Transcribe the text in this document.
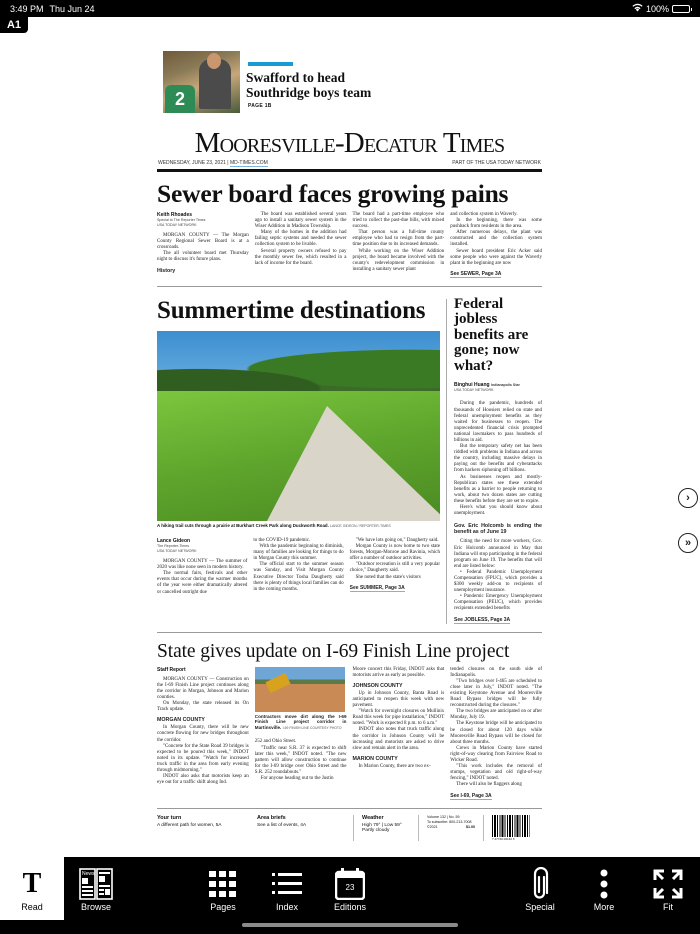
3:49 PM Thu Jun 24	100%
A1
2
Swafford to head Southridge boys team
PAGE 1B
Mooresville-Decatur Times
WEDNESDAY, JUNE 23, 2021 | MD-TIMES.COM	PART OF THE USA TODAY NETWORK
Sewer board faces growing pains
Keith Rhoades
Special to The Reporter Times
USA TODAY NETWORK

MORGAN COUNTY — The Morgan County Regional Sewer Board is at a crossroads.

The all volunteer board met Thursday night to discuss it's future plans.

History

The board was established several years ago to install a sanitary sewer system in the Wiser Addition in Madison Township.

Many of the homes in the addition had failing septic systems and needed the sewer collection system to be livable.

Several property owners refused to pay the monthly sewer fee, which resulted in a lack of income for the board.

The board had a part-time employee who tried to collect the past-due bills, with mixed success.

That person was a full-time county employee who had to resign from the part-time position due to its increased demands.

While working on the Wiser Addition project, the board became involved with the county's redevelopment commission in installing a sanitary sewer plant

and collection system in Waverly.

In the beginning, there was some pushback from residents in the area.

After numerous delays, the plant was constructed and the collection system installed.

Sewer board president Eric Acker said some people who were against the Waverly plant in the beginning are now

See SEWER, Page 3A
Summertime destinations
A hiking trail cuts through a prairie at Burkhart Creek Park along Duckworth Road. LANCE GIDEON / REPORTER-TIMES
Lance Gideon
The Reporter-Times
USA TODAY NETWORK

MORGAN COUNTY — The summer of 2020 was like none seen in modern history.

The normal fairs, festivals and other events that occur during the warmer months of the year were either dramatically altered or cancelled outright due

to the COVID-19 pandemic.

With the pandemic beginning to diminish, many of families are looking for things to do in Morgan County this summer.

The official start to the summer season was Sunday, and Visit Morgan County Executive Director Tosha Daugherty said there is plenty of things local families can do in the coming months.

"We have lots going on," Daugherty said.

Morgan County is now home to two state forests, Morgan-Monroe and Ravinia, which offer a number of outdoor activities.

"Outdoor recreation is still a very popular choice," Daugherty said.

She noted that the state's visitors

See SUMMER, Page 3A
Federal jobless benefits are gone; now what?
Binghui Huang Indianapolis Star
USA TODAY NETWORK

During the pandemic, hundreds of thousands of Hoosiers relied on state and federal unemployment benefits as they waited for businesses to reopen. The unprecedented financial crisis prompted national lawmakers to pass hundreds of billions in aid.

But the temporary safety net has been riddled with problems in Indiana and across the country, including massive delays in paying out the benefits and cyberattacks from hackers siphoning off billions.

As businesses reopen and mostly-Republican states see these extended benefits as a barrier to people returning to work, about two dozen states are cutting these benefits before they are set to expire.

Here's what you should know about unemployment.

Gov. Eric Holcomb is ending the benefit as of June 19

Citing the need for more workers, Gov. Eric Holcomb announced in May that Indiana will stop participating in the federal program on June 19. The benefits that will end are listed below:

• Federal Pandemic Unemployment Compensation (FPUC), which provides a $300 weekly add-on to recipients of unemployment insurance.

• Pandemic Emergency Unemployment Compensation (PEUC), which provides recipients extended benefits

See JOBLESS, Page 3A
State gives update on I-69 Finish Line project
Staff Report

MORGAN COUNTY — Construction on the I-69 Finish Line project continues along the corridor in Morgan, Johnson and Marion counties.

On Monday, the state released its On Track update.

MORGAN COUNTY

In Morgan County, there will be new concrete flowing for new bridges throughout the corridor.

"Concrete for the State Road 39 bridges is expected to be poured this week," INDOT noted in its update. "Watch for increased truck traffic in the area from early evening through midmorning."

INDOT also asks that motorists keep an eye out for a traffic shift along Ind.

Contractors move dirt along the I-69 Finish Line project corridor in Martinsville. I-69 FINISH LINE COURTESY PHOTO

252 and Ohio Street.

"Traffic near S.R. 37 is expected to shift later this week," INDOT noted. "The new pattern will allow construction to continue for the I-69 bridge over Ohio Street and the S.R. 252 roundabouts."

For anyone heading out to the Justin

Moore concert this Friday, INDOT asks that motorists arrive as early as possible.

JOHNSON COUNTY

Up in Johnson County, Banta Road is anticipated to reopen this week with new pavement.

"Watch for overnight closures on Mullinix Road this week for pipe installation," INDOT noted. "Work is expected 8 p.m. to 6 a.m."

INDOT also notes that truck traffic along the corridor in Johnson County will be increasing and motorists are asked to drive slow and remain alert in the area.

MARION COUNTY

In Marion County, there are two ex-

tended closures on the south side of Indianapolis.

"Two bridges over I-465 are scheduled to close later in July," INDOT noted. "The existing Keystone Avenue and Mooresville Road Bypass bridges will be fully reconstructed during the closures."

The two bridges are anticipated on or after Monday, July 19.

The Keystone bridge will be anticipated to be closed for about 120 days while Mooresville Road Bypass will be closed for about three months.

Crews in Marion County have started right-of-way clearing from Fairview Road to Wicker Road.

"This work includes the removal of stumps, vegetation and old right-of-way fencing," INDOT noted.

There will also be flaggers along

See I-69, Page 3A
Your turn
A different path for women, 5A
Area briefs
See a list of events, 4A
Weather
High 79° | Low 59°
Partly cloudy
Volume 132 | No. 59
To subscribe: 800-213-7008
©2021	$1.00
7 27740 00132 5
›
»
T
Read
News
Browse	Pages	Index
23
Editions	Special	More	Fit
